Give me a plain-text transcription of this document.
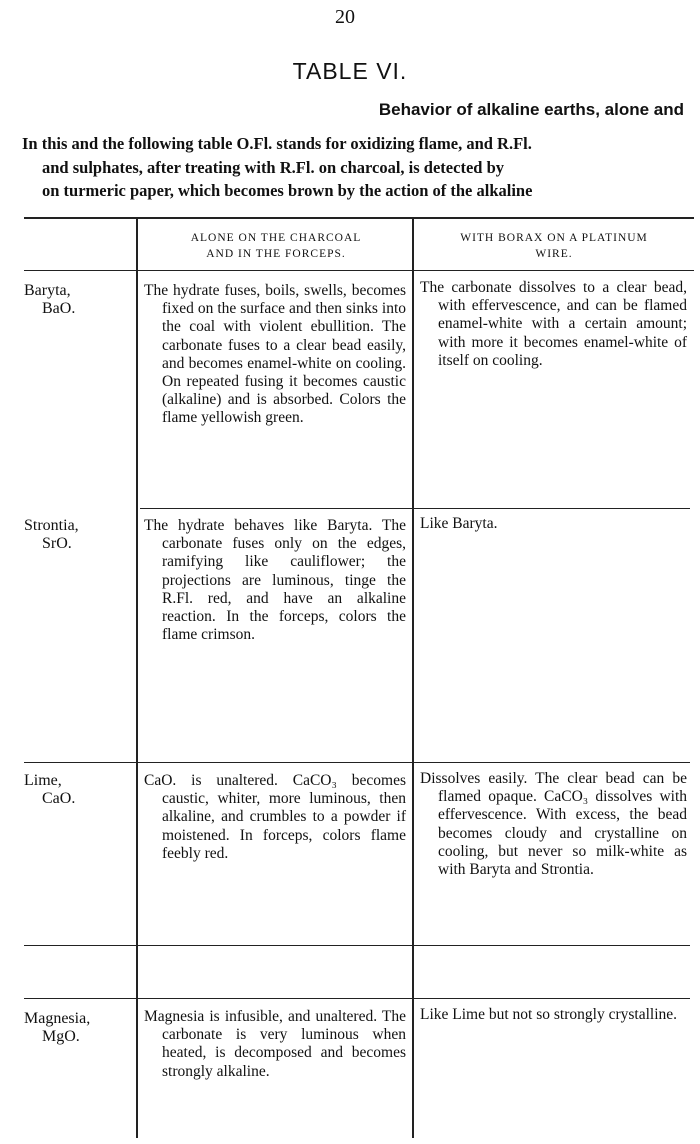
20
TABLE VI.
Behavior of alkaline earths, alone and

In this and the following table O.Fl. stands for oxidizing flame, and R.Fl.

and sulphates, after treating with R.Fl. on charcoal, is detected by

on turmeric paper, which becomes brown by the action of the alkaline

ALONE ON THE CHARCOAL
AND IN THE FORCEPS.
WITH BORAX ON A PLATINUM
WIRE.
Baryta,
BaO.

The hydrate fuses, boils, swells, becomes fixed on the surface and then sinks into the coal with violent ebullition. The carbonate fuses to a clear bead easily, and becomes enamel-white on cooling. On repeated fusing it becomes caustic (alkaline) and is absorbed. Colors the flame yellowish green.

The carbonate dissolves to a clear bead, with effervescence, and can be flamed enamel-white with a certain amount; with more it becomes enamel-white of itself on cooling.

Strontia,
SrO.

The hydrate behaves like Baryta. The carbonate fuses only on the edges, ramifying like cauliflower; the projections are luminous, tinge the R.Fl. red, and have an alkaline reaction. In the forceps, colors the flame crimson.

Like Baryta.

Lime,
CaO.

CaO. is unaltered. CaCO₃ becomes caustic, whiter, more luminous, then alkaline, and crumbles to a powder if moistened. In forceps, colors flame feebly red.

Dissolves easily. The clear bead can be flamed opaque. CaCO₃ dissolves with effervescence. With excess, the bead becomes cloudy and crystalline on cooling, but never so milk-white as with Baryta and Strontia.

Magnesia,
MgO.

Magnesia is infusible, and unaltered. The carbonate is very luminous when heated, is decomposed and becomes strongly alkaline.

Like Lime but not so strongly crystalline.
